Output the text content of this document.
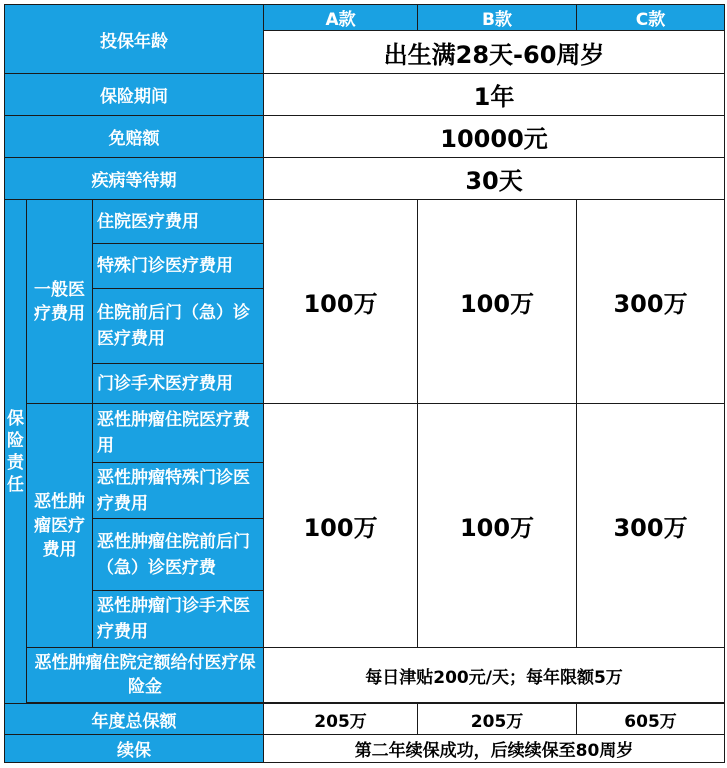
投保年龄			A款	B款	C款
			出生满28天-60周岁		
保险期间			1年		
免赔额			10000元		
疾病等待期			30天		
保险责任	一般医疗费用	住院医疗费用	100万	100万	300万
		特殊门诊医疗费用			
		住院前后门（急）诊医疗费用			
		门诊手术医疗费用			
	恶性肿瘤医疗费用	恶性肿瘤住院医疗费用	100万	100万	300万
		恶性肿瘤特殊门诊医疗费用			
		恶性肿瘤住院前后门（急）诊医疗费			
		恶性肿瘤门诊手术医疗费用			
	恶性肿瘤住院定额给付医疗保险金		每日津贴200元/天；每年限额5万		

年度总保额			205万	205万	605万
续保			第二年续保成功，后续续保至80周岁		
